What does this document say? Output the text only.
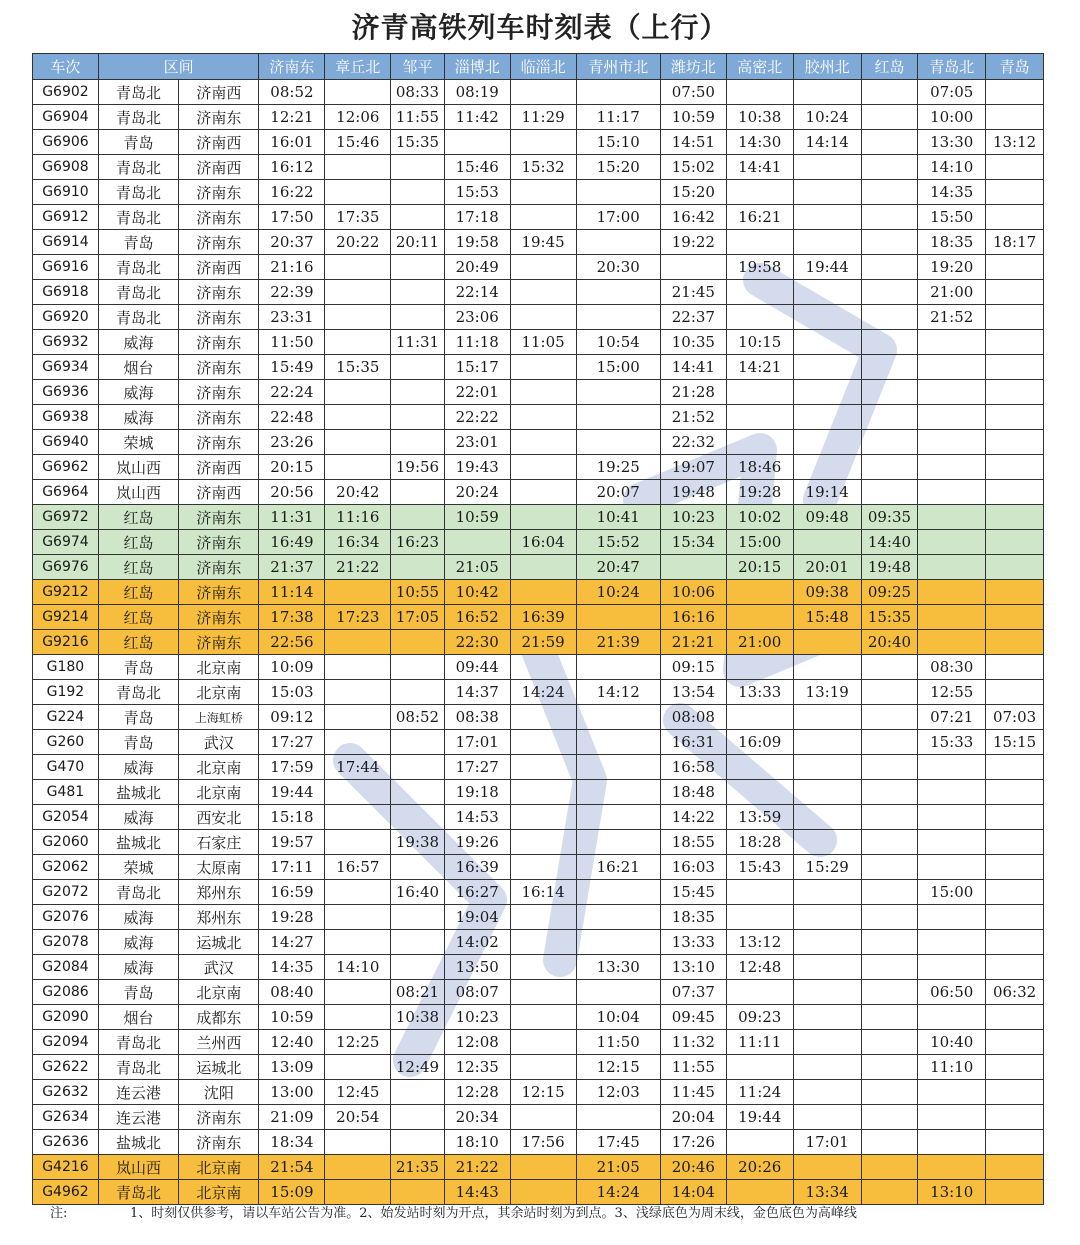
济青高铁列车时刻表（上行）
车次	区间		济南东	章丘北	邹平	淄博北	临淄北	青州市北	潍坊北	高密北	胶州北	红岛	青岛北	青岛
G6902	青岛北	济南西	08:52		08:33	08:19			07:50				07:05	
G6904	青岛北	济南东	12:21	12:06	11:55	11:42	11:29	11:17	10:59	10:38	10:24		10:00	
G6906	青岛	济南西	16:01	15:46	15:35			15:10	14:51	14:30	14:14		13:30	13:12
G6908	青岛北	济南西	16:12			15:46	15:32	15:20	15:02	14:41			14:10	
G6910	青岛北	济南东	16:22			15:53			15:20				14:35	
G6912	青岛北	济南东	17:50	17:35		17:18		17:00	16:42	16:21			15:50	
G6914	青岛	济南东	20:37	20:22	20:11	19:58	19:45		19:22				18:35	18:17
G6916	青岛北	济南西	21:16			20:49		20:30		19:58	19:44		19:20	
G6918	青岛北	济南东	22:39			22:14			21:45				21:00	
G6920	青岛北	济南东	23:31			23:06			22:37				21:52	
G6932	威海	济南东	11:50		11:31	11:18	11:05	10:54	10:35	10:15				
G6934	烟台	济南东	15:49	15:35		15:17		15:00	14:41	14:21				
G6936	威海	济南东	22:24			22:01			21:28					
G6938	威海	济南东	22:48			22:22			21:52					
G6940	荣城	济南东	23:26			23:01			22:32					
G6962	岚山西	济南西	20:15		19:56	19:43		19:25	19:07	18:46				
G6964	岚山西	济南西	20:56	20:42		20:24		20:07	19:48	19:28	19:14			
G6972	红岛	济南东	11:31	11:16		10:59		10:41	10:23	10:02	09:48	09:35		
G6974	红岛	济南东	16:49	16:34	16:23		16:04	15:52	15:34	15:00		14:40		
G6976	红岛	济南东	21:37	21:22		21:05		20:47		20:15	20:01	19:48		
G9212	红岛	济南东	11:14		10:55	10:42		10:24	10:06		09:38	09:25		
G9214	红岛	济南东	17:38	17:23	17:05	16:52	16:39		16:16		15:48	15:35		
G9216	红岛	济南东	22:56			22:30	21:59	21:39	21:21	21:00		20:40		
G180	青岛	北京南	10:09			09:44			09:15				08:30	
G192	青岛北	北京南	15:03			14:37	14:24	14:12	13:54	13:33	13:19		12:55	
G224	青岛	上海虹桥	09:12		08:52	08:38			08:08				07:21	07:03
G260	青岛	武汉	17:27			17:01			16:31	16:09			15:33	15:15
G470	威海	北京南	17:59	17:44		17:27			16:58					
G481	盐城北	北京南	19:44			19:18			18:48					
G2054	威海	西安北	15:18			14:53			14:22	13:59				
G2060	盐城北	石家庄	19:57		19:38	19:26			18:55	18:28				
G2062	荣城	太原南	17:11	16:57		16:39		16:21	16:03	15:43	15:29			
G2072	青岛北	郑州东	16:59		16:40	16:27	16:14		15:45				15:00	
G2076	威海	郑州东	19:28			19:04			18:35					
G2078	威海	运城北	14:27			14:02			13:33	13:12				
G2084	威海	武汉	14:35	14:10		13:50		13:30	13:10	12:48				
G2086	青岛	北京南	08:40		08:21	08:07			07:37				06:50	06:32
G2090	烟台	成都东	10:59		10:38	10:23		10:04	09:45	09:23				
G2094	青岛北	兰州西	12:40	12:25		12:08		11:50	11:32	11:11			10:40	
G2622	青岛北	运城北	13:09		12:49	12:35		12:15	11:55				11:10	
G2632	连云港	沈阳	13:00	12:45		12:28	12:15	12:03	11:45	11:24				
G2634	连云港	济南东	21:09	20:54		20:34			20:04	19:44				
G2636	盐城北	济南东	18:34			18:10	17:56	17:45	17:26		17:01			
G4216	岚山西	北京南	21:54		21:35	21:22		21:05	20:46	20:26				
G4962	青岛北	北京南	15:09			14:43		14:24	14:04		13:34		13:10	
注:	1、时刻仅供参考，请以车站公告为准。2、始发站时刻为开点，其余站时刻为到点。3、浅绿底色为周末线，金色底色为高峰线
